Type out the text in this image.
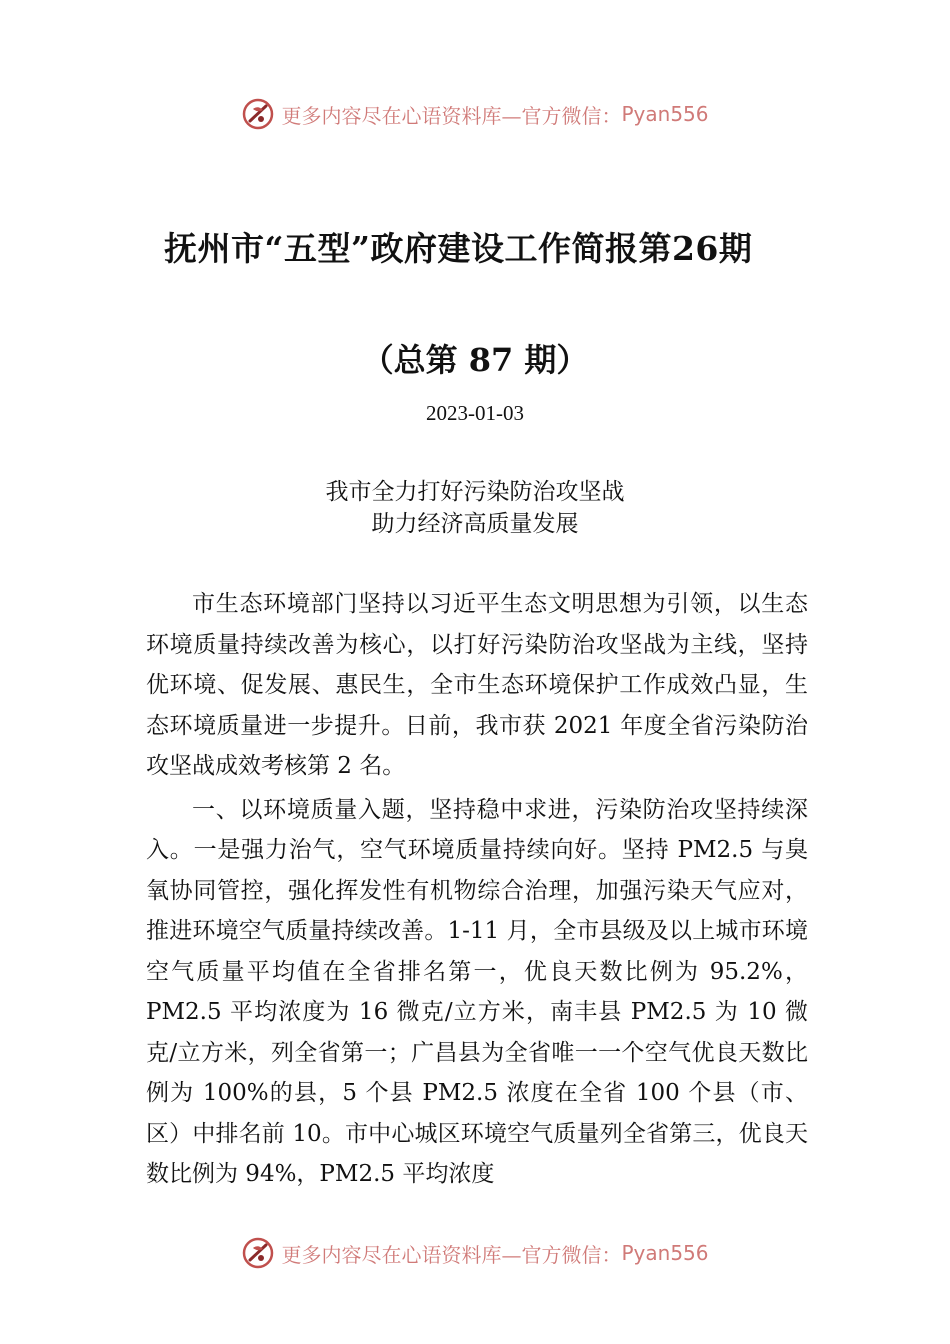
更多内容尽在心语资料库—官方微信： Pyan556
抚州市“五型”政府建设工作简报第26期
（总第 87 期）
2023-01-03
我市全力打好污染防治攻坚战
助力经济高质量发展

市生态环境部门坚持以习近平生态文明思想为引领，以生态环境质量持续改善为核心，以打好污染防治攻坚战为主线，坚持优环境、促发展、惠民生，全市生态环境保护工作成效凸显，生态环境质量进一步提升。日前，我市获 2021 年度全省污染防治攻坚战成效考核第 2 名。

一、以环境质量入题，坚持稳中求进，污染防治攻坚持续深入。一是强力治气，空气环境质量持续向好。坚持 PM2.5 与臭氧协同管控，强化挥发性有机物综合治理，加强污染天气应对，推进环境空气质量持续改善。1-11 月，全市县级及以上城市环境空气质量平均值在全省排名第一，优良天数比例为 95.2%，PM2.5 平均浓度为 16 微克/立方米，南丰县 PM2.5 为 10 微克/立方米，列全省第一；广昌县为全省唯一一个空气优良天数比例为 100%的县，5 个县 PM2.5 浓度在全省 100 个县（市、区）中排名前 10。市中心城区环境空气质量列全省第三，优良天数比例为 94%，PM2.5 平均浓度

更多内容尽在心语资料库—官方微信： Pyan556
